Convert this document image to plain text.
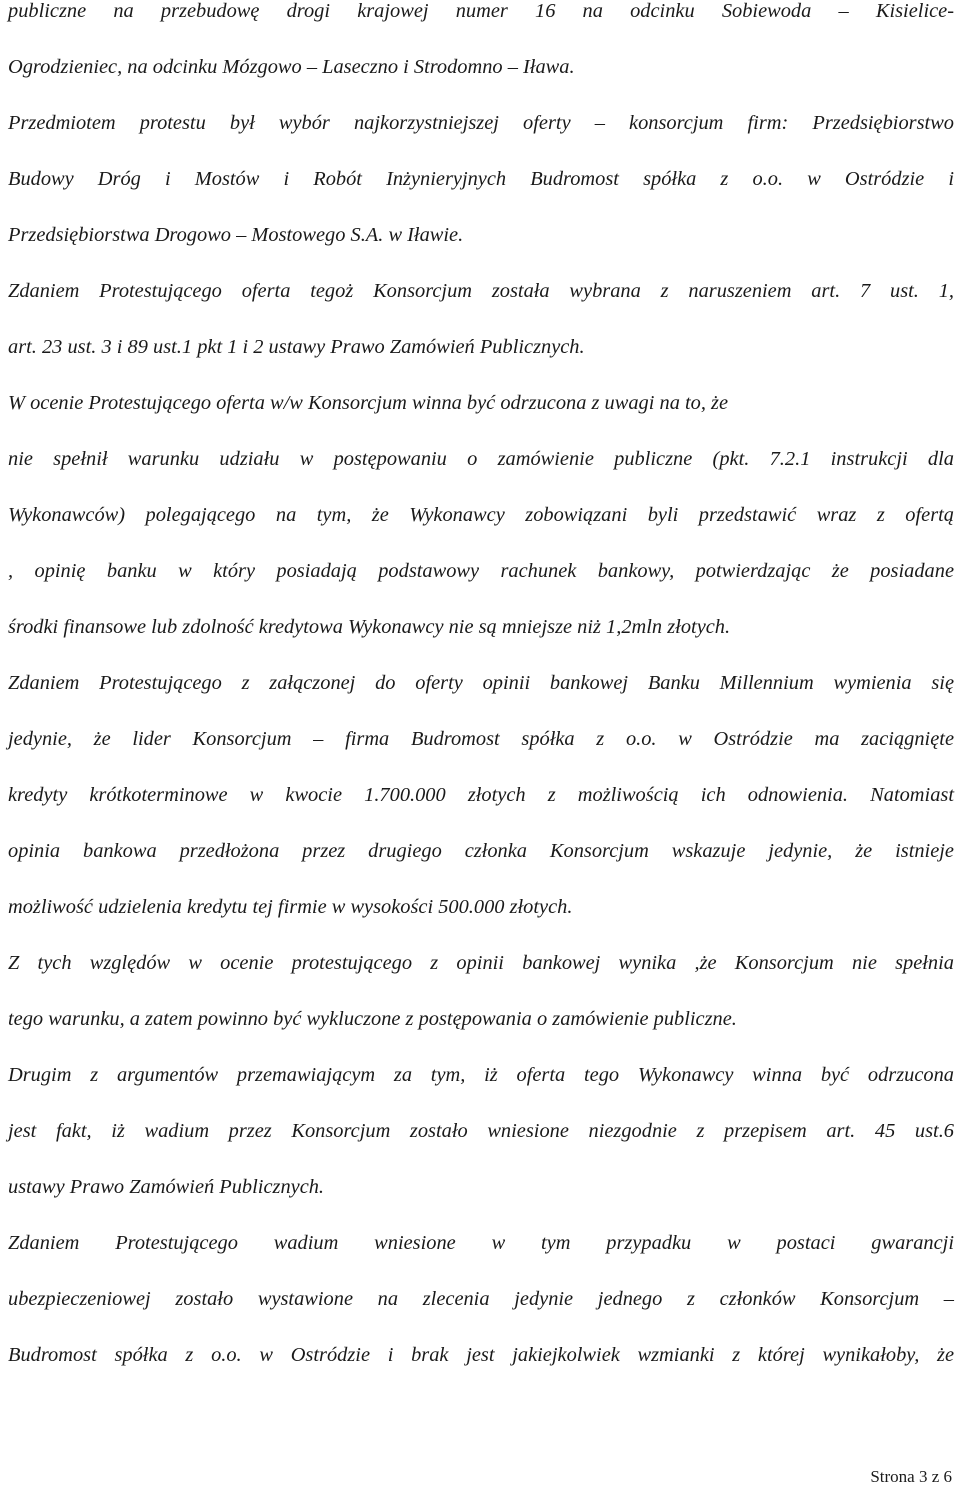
publiczne na przebudowę drogi krajowej numer 16 na odcinku Sobiewoda – Kisielice-
Ogrodzieniec, na odcinku Mózgowo – Laseczno i Strodomno – Iława.
Przedmiotem protestu był wybór najkorzystniejszej oferty – konsorcjum firm: Przedsiębiorstwo
Budowy Dróg i Mostów i Robót Inżynieryjnych Budromost spółka z o.o. w Ostródzie i
Przedsiębiorstwa Drogowo – Mostowego S.A. w Iławie.
Zdaniem Protestującego oferta tegoż Konsorcjum została wybrana z naruszeniem art. 7 ust. 1,
art. 23 ust. 3 i 89 ust.1 pkt 1 i 2 ustawy Prawo Zamówień Publicznych.
W ocenie Protestującego oferta w/w Konsorcjum winna być odrzucona z uwagi na to, że
nie spełnił warunku udziału w postępowaniu o zamówienie publiczne (pkt. 7.2.1 instrukcji dla
Wykonawców) polegającego na tym, że Wykonawcy zobowiązani byli przedstawić wraz z ofertą
, opinię banku w który posiadają podstawowy rachunek bankowy, potwierdzając że posiadane
środki finansowe lub zdolność kredytowa Wykonawcy nie są mniejsze niż 1,2mln złotych.
Zdaniem Protestującego z załączonej do oferty opinii bankowej Banku Millennium wymienia się
jedynie, że lider Konsorcjum – firma Budromost spółka z o.o. w Ostródzie ma zaciągnięte
kredyty krótkoterminowe w kwocie 1.700.000 złotych z możliwością ich odnowienia. Natomiast
opinia bankowa przedłożona przez drugiego członka Konsorcjum wskazuje jedynie, że istnieje
możliwość udzielenia kredytu tej firmie w wysokości 500.000 złotych.
Z tych względów w ocenie protestującego z opinii bankowej wynika ,że Konsorcjum nie spełnia
tego warunku, a zatem powinno być wykluczone z postępowania o zamówienie publiczne.
Drugim z argumentów przemawiającym za tym, iż oferta tego Wykonawcy winna być odrzucona
jest fakt, iż wadium przez Konsorcjum zostało wniesione niezgodnie z przepisem art. 45 ust.6
ustawy Prawo Zamówień Publicznych.
Zdaniem Protestującego wadium wniesione w tym przypadku w postaci gwarancji
ubezpieczeniowej zostało wystawione na zlecenia jedynie jednego z członków Konsorcjum –
Budromost spółka z o.o. w Ostródzie i brak jest jakiejkolwiek wzmianki z której wynikałoby, że
Strona 3 z 6
